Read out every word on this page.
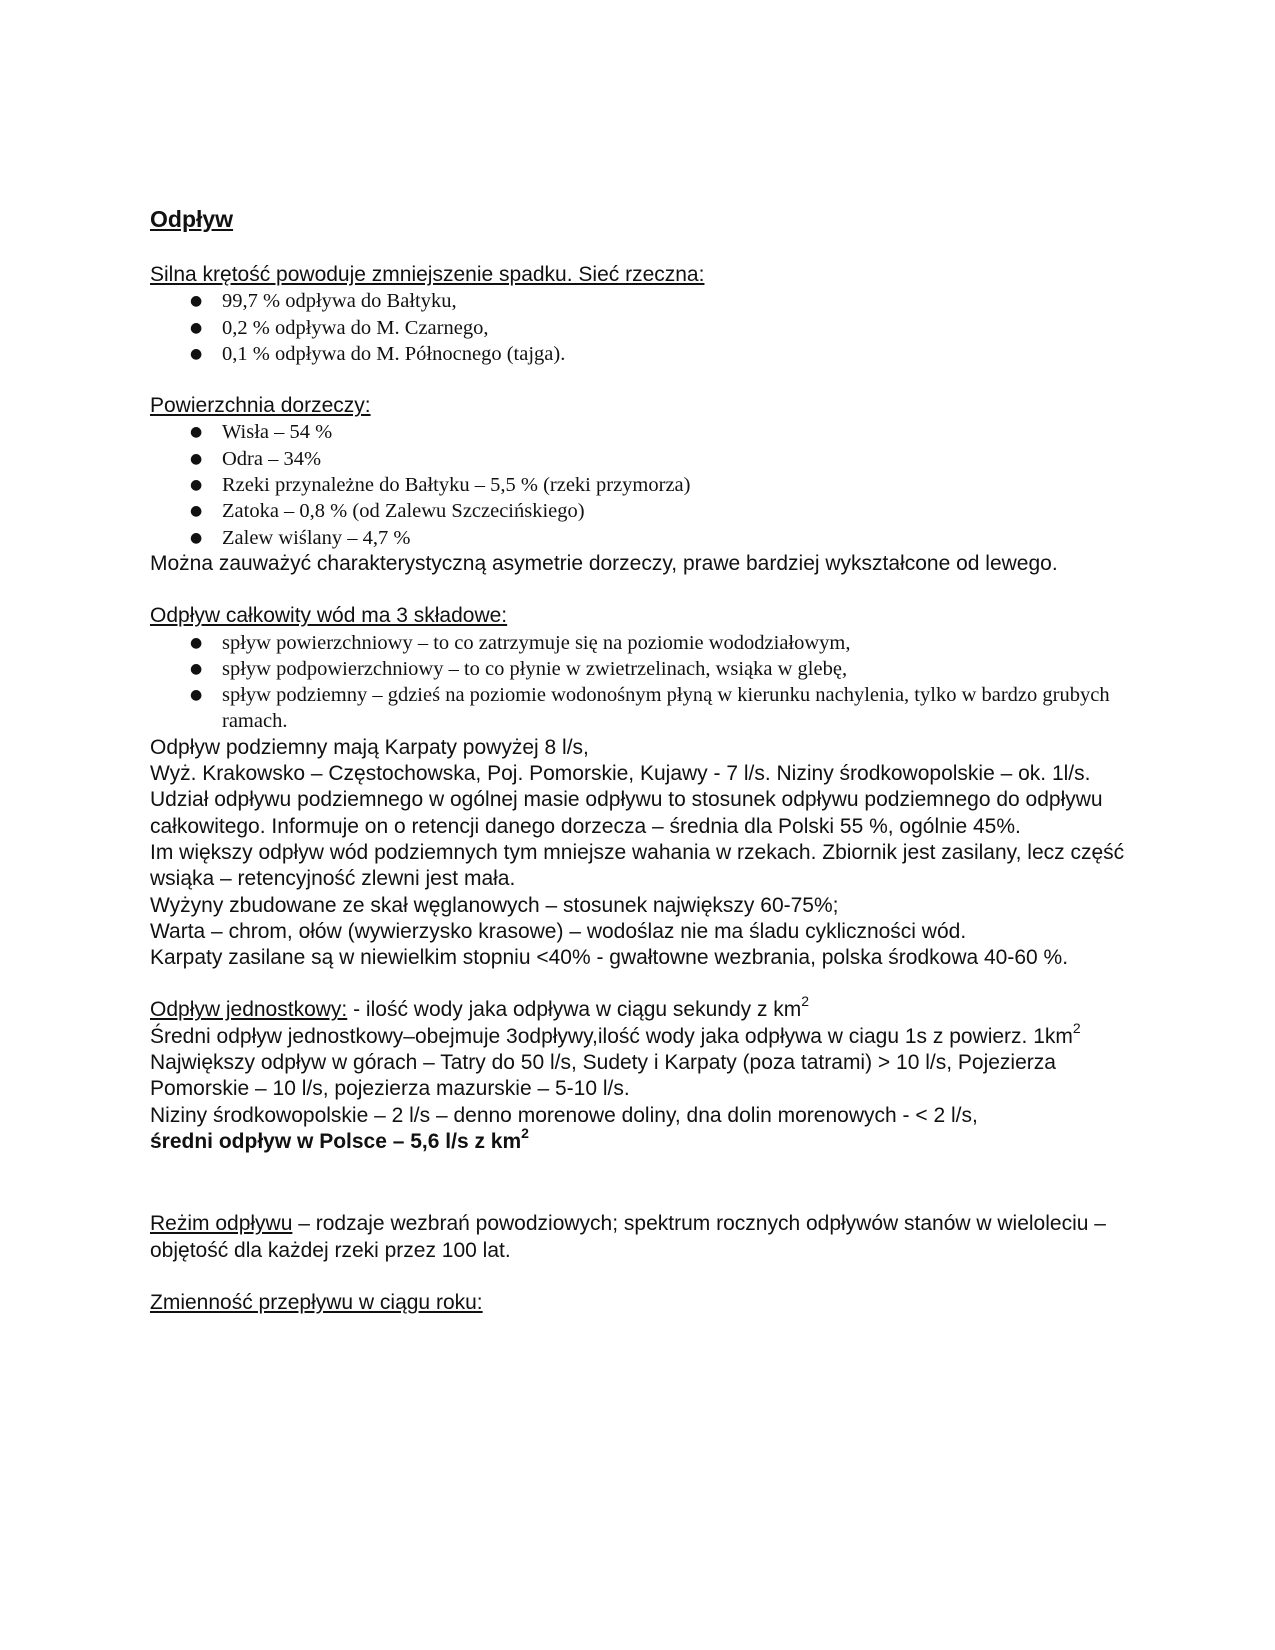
Odpływ

Silna krętość powoduje zmniejszenie spadku. Sieć rzeczna:

● 99,7 % odpływa do Bałtyku,
● 0,2 % odpływa do M. Czarnego,
● 0,1 % odpływa do M. Północnego (tajga).

Powierzchnia dorzeczy:

● Wisła – 54 %
● Odra – 34%
● Rzeki przynależne do Bałtyku – 5,5 % (rzeki przymorza)
● Zatoka – 0,8 % (od Zalewu Szczecińskiego)
● Zalew wiślany – 4,7 %

Można zauważyć charakterystyczną asymetrie dorzeczy, prawe bardziej wykształcone od lewego.

Odpływ całkowity wód ma 3 składowe:

● spływ powierzchniowy – to co zatrzymuje się na poziomie wododziałowym,
● spływ podpowierzchniowy – to co płynie w zwietrzelinach, wsiąka w glebę,
● spływ podziemny – gdzieś na poziomie wodonośnym płyną w kierunku nachylenia, tylko w bardzo grubych ramach.

Odpływ podziemny mają Karpaty powyżej 8 l/s,

Wyż. Krakowsko – Częstochowska, Poj. Pomorskie, Kujawy - 7 l/s. Niziny środkowopolskie – ok. 1l/s.

Udział odpływu podziemnego w ogólnej masie odpływu to stosunek odpływu podziemnego do odpływu całkowitego. Informuje on o retencji danego dorzecza – średnia dla Polski 55 %, ogólnie 45%.

Im większy odpływ wód podziemnych tym mniejsze wahania w rzekach. Zbiornik jest zasilany, lecz część wsiąka – retencyjność zlewni jest mała.

Wyżyny zbudowane ze skał węglanowych – stosunek największy 60-75%;

Warta – chrom, ołów (wywierzysko krasowe) – wodoślaz nie ma śladu cykliczności wód.

Karpaty zasilane są w niewielkim stopniu <40% - gwałtowne wezbrania, polska środkowa 40-60 %.

Odpływ jednostkowy: - ilość wody jaka odpływa w ciągu sekundy z $km^2$

Średni odpływ jednostkowy–obejmuje 3odpływy,ilość wody jaka odpływa w ciagu 1s z powierz. $1km^2$

Największy odpływ w górach – Tatry do 50 l/s, Sudety i Karpaty (poza tatrami) > 10 l/s, Pojezierza Pomorskie – 10 l/s, pojezierza mazurskie – 5-10 l/s.

Niziny środkowopolskie – 2 l/s – denno morenowe doliny, dna dolin morenowych - < 2 l/s,

średni odpływ w Polsce – 5,6 l/s z $km^2$

Reżim odpływu – rodzaje wezbrań powodziowych; spektrum rocznych odpływów stanów w wieloleciu – objętość dla każdej rzeki przez 100 lat.

Zmienność przepływu w ciągu roku:
